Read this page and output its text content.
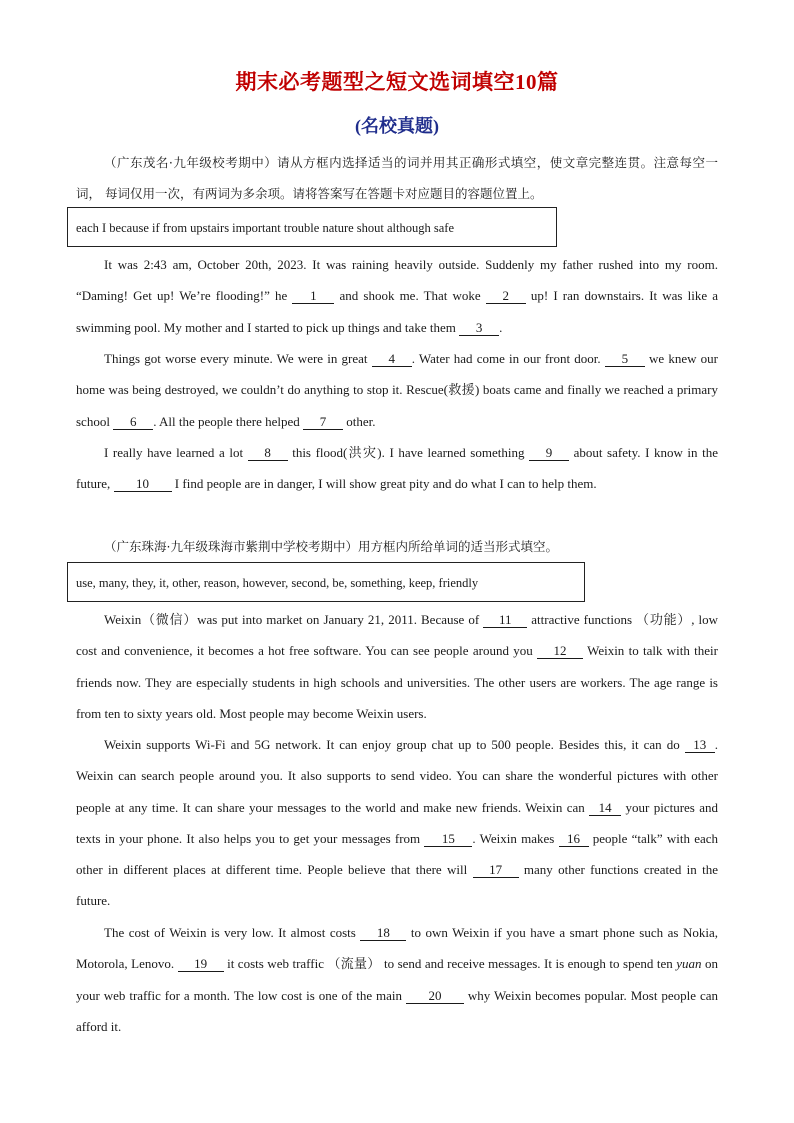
期末必考题型之短文选词填空10篇
(名校真题)

（广东茂名·九年级校考期中）请从方框内选择适当的词并用其正确形式填空，使文章完整连贯。注意每空一词， 每词仅用一次，有两词为多余项。请将答案写在答题卡对应题目的容题位置上。

each I because if from upstairs important trouble nature shout although safe

It was 2:43 am, October 20th, 2023. It was raining heavily outside. Suddenly my father rushed into my room. “Daming! Get up! We’re flooding!” he 1 and shook me. That woke 2 up! I ran downstairs. It was like a swimming pool. My mother and I started to pick up things and take them 3 .

Things got worse every minute. We were in great 4 . Water had come in our front door. 5 we knew our home was being destroyed, we couldn’t do anything to stop it. Rescue(救援) boats came and finally we reached a primary school 6 . All the people there helped 7 other.

I really have learned a lot 8 this flood(洪灾). I have learned something 9 about safety. I know in the future, 10 I find people are in danger, I will show great pity and do what I can to help them.

（广东珠海·九年级珠海市紫荆中学校考期中）用方框内所给单词的适当形式填空。

use, many, they, it, other, reason, however, second, be, something, keep, friendly

Weixin（微信）was put into market on January 21, 2011. Because of 11 attractive functions （功能）, low cost and convenience, it becomes a hot free software. You can see people around you 12 Weixin to talk with their friends now. They are especially students in high schools and universities. The other users are workers. The age range is from ten to sixty years old. Most people may become Weixin users.

Weixin supports Wi-Fi and 5G network. It can enjoy group chat up to 500 people. Besides this, it can do 13 . Weixin can search people around you. It also supports to send video. You can share the wonderful pictures with other people at any time. It can share your messages to the world and make new friends. Weixin can 14 your pictures and texts in your phone. It also helps you to get your messages from 15 . Weixin makes 16 people “talk” with each other in different places at different time. People believe that there will 17 many other functions created in the future.

The cost of Weixin is very low. It almost costs 18 to own Weixin if you have a smart phone such as Nokia, Motorola, Lenovo. 19 it costs web traffic （流量） to send and receive messages. It is enough to spend ten yuan on your web traffic for a month. The low cost is one of the main 20 why Weixin becomes popular. Most people can afford it.
